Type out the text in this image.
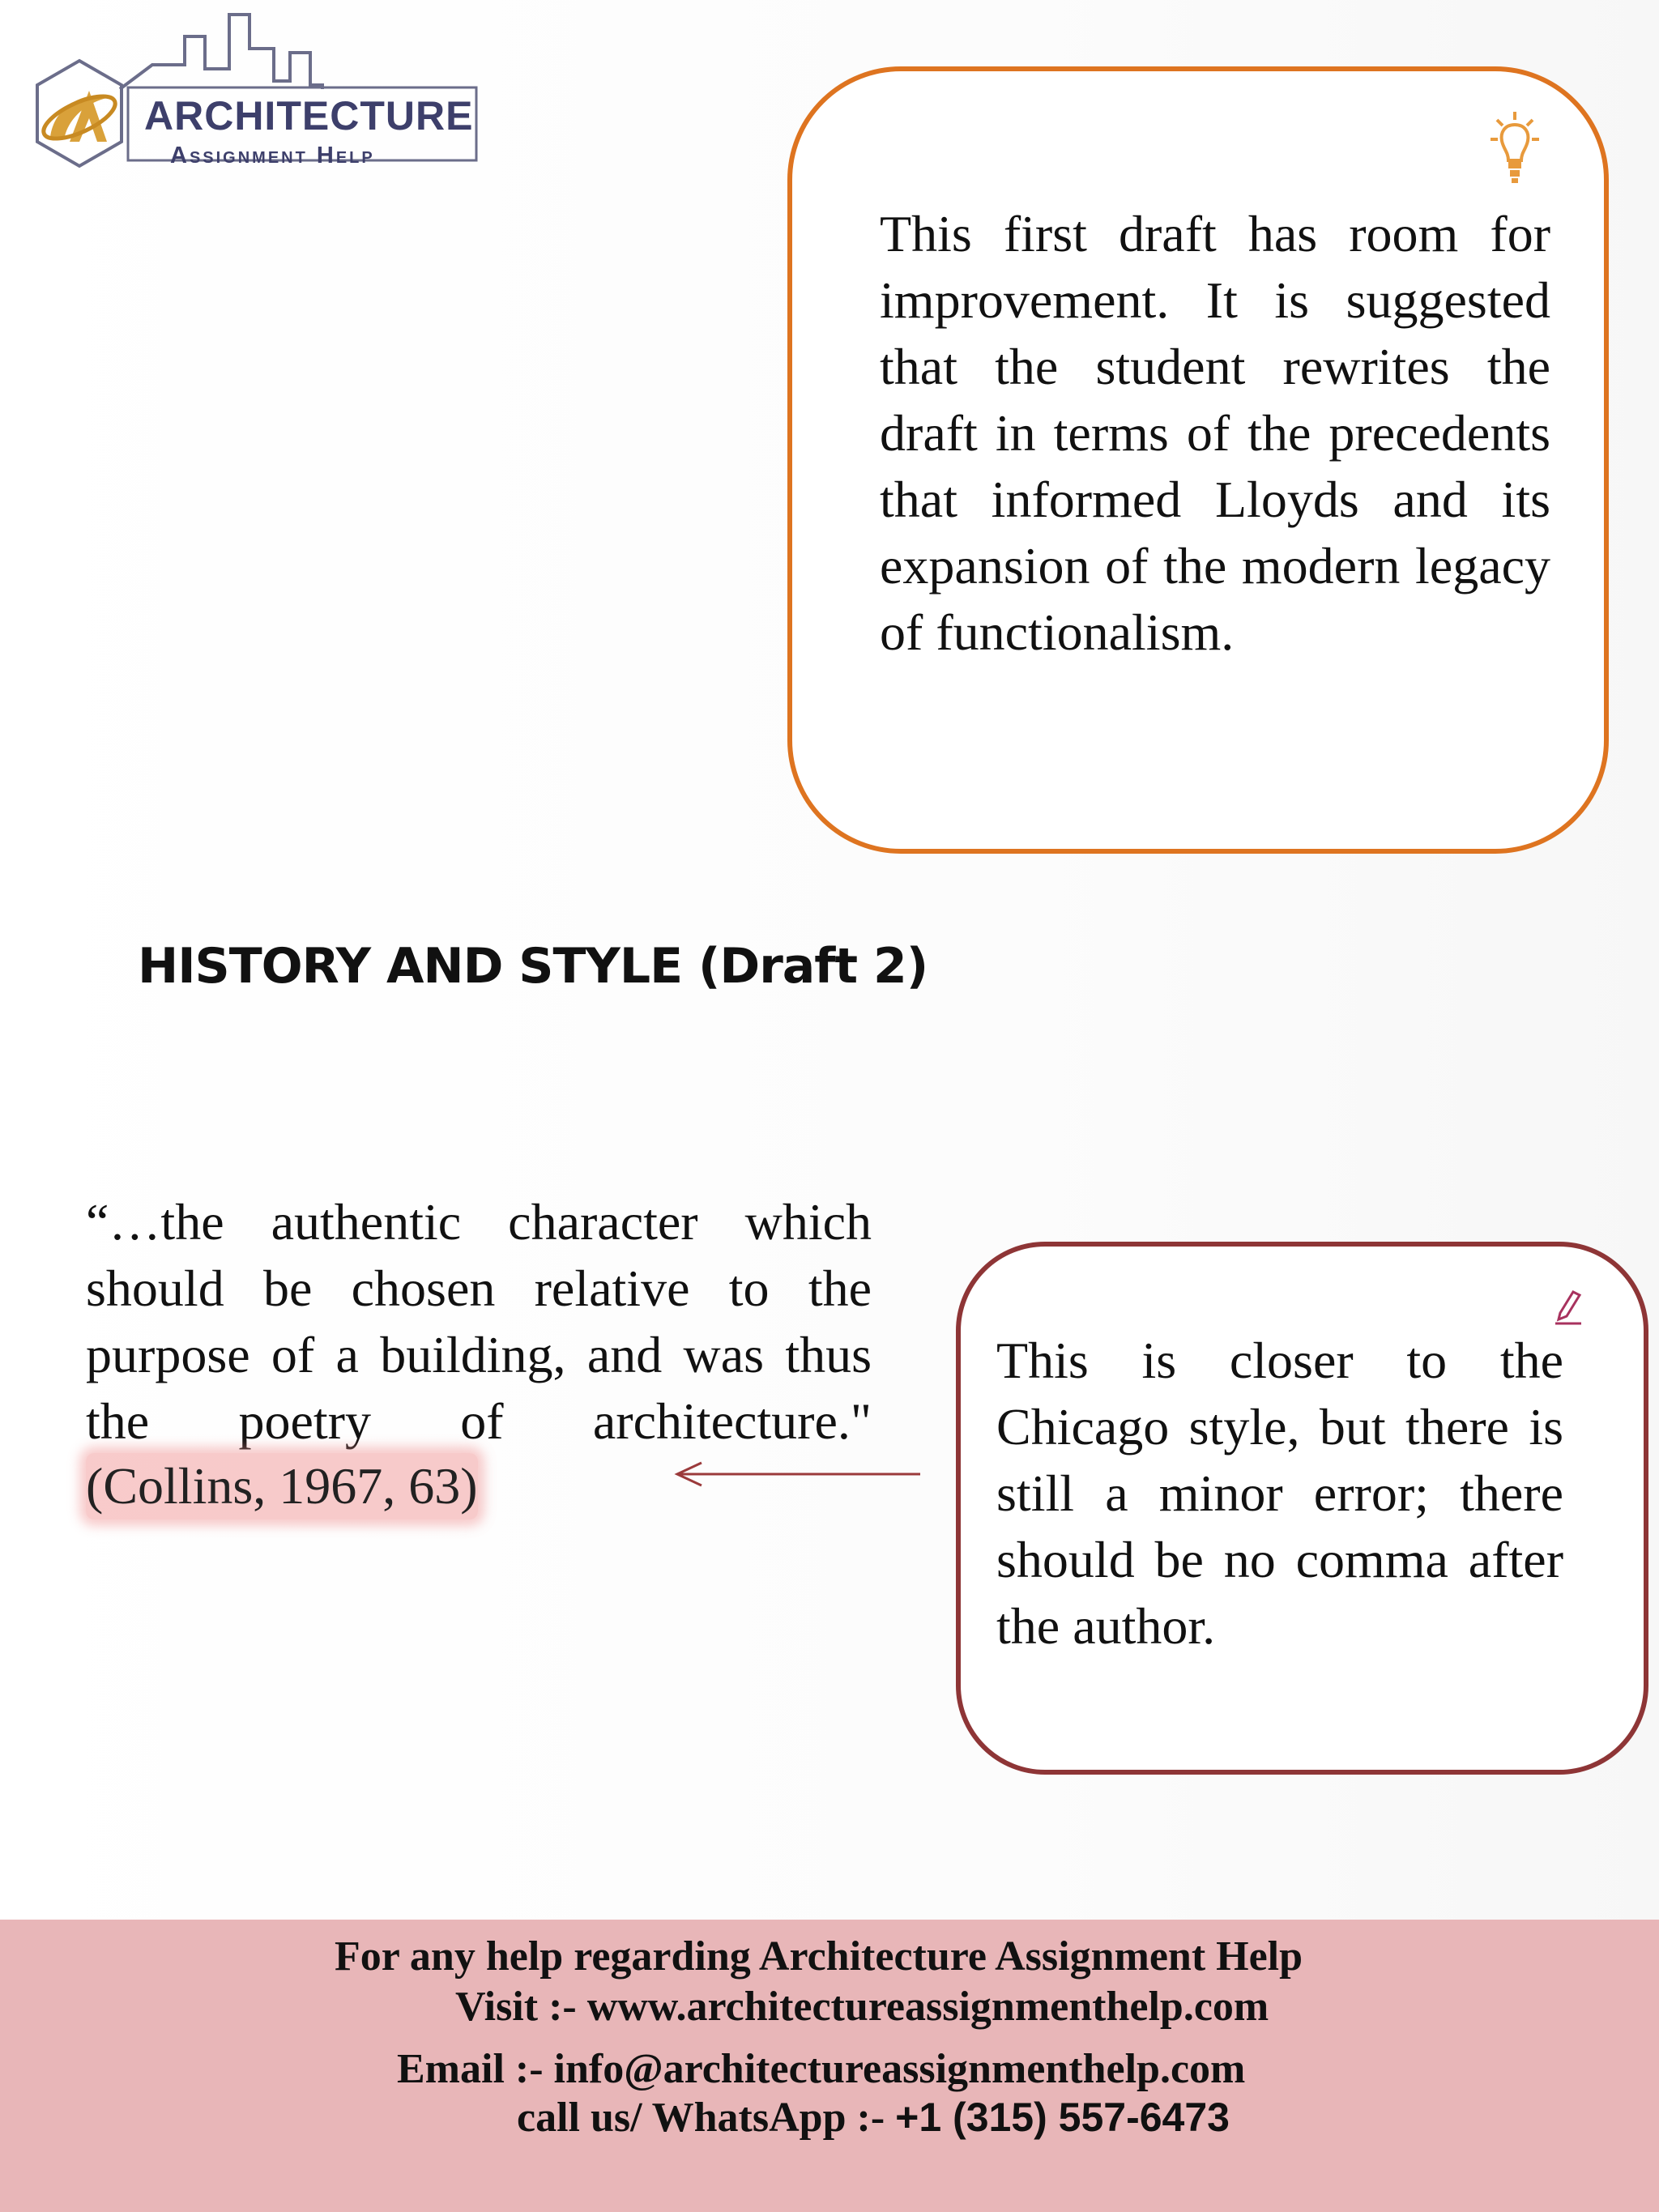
ARCHITECTURE
Assignment Help
This first draft has room for improvement. It is suggested that the student rewrites the draft in terms of the precedents that informed Lloyds and its expansion of the modern legacy of functionalism.
HISTORY AND STYLE (Draft 2)
“…the authentic character which should be chosen relative to the purpose of a building, and was thus the poetry of architecture."
(Collins, 1967, 63)
This is closer to the Chicago style, but there is still a minor error; there should be no comma after the author.
For any help regarding Architecture Assignment Help
Visit :- www.architectureassignmenthelp.com
Email :- info@architectureassignmenthelp.com
call us/ WhatsApp :- +1 (315) 557-6473
